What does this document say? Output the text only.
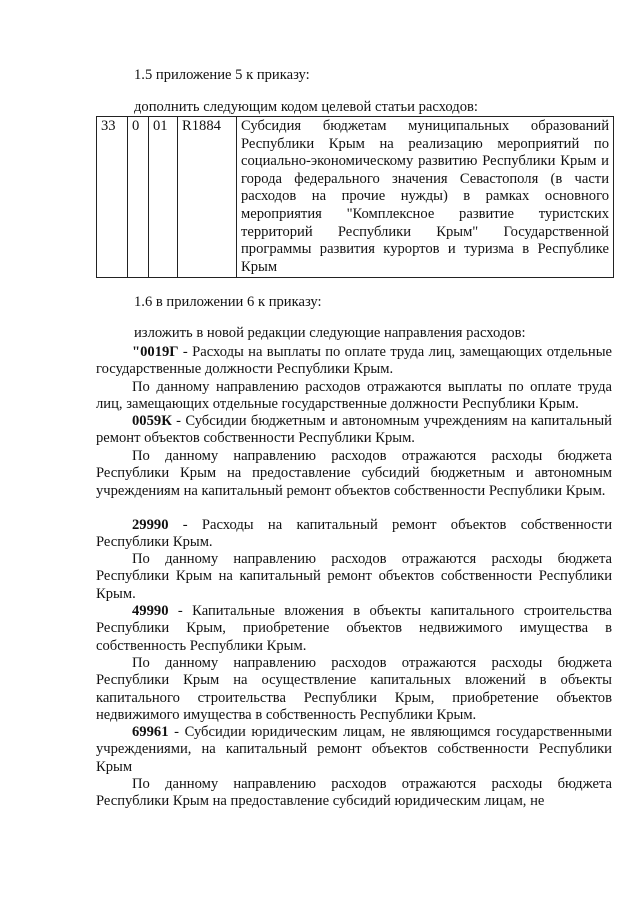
1.5 приложение 5 к приказу:
дополнить следующим кодом целевой статьи расходов:
33	0	01	R1884	Субсидия бюджетам муниципальных образований Республики Крым на реализацию мероприятий по социально-экономическому развитию Республики Крым и города федерального значения Севастополя (в части расходов на прочие нужды) в рамках основного мероприятия "Комплексное развитие туристских территорий Республики Крым" Государственной программы развития курортов и туризма в Республике Крым
1.6 в приложении 6 к приказу:
изложить в новой редакции следующие направления расходов:

"0019Г - Расходы на выплаты по оплате труда лиц, замещающих отдельные государственные должности Республики Крым.

По данному направлению расходов отражаются выплаты по оплате труда лиц, замещающих отдельные государственные должности Республики Крым.

0059К - Субсидии бюджетным и автономным учреждениям на капитальный ремонт объектов собственности Республики Крым.

По данному направлению расходов отражаются расходы бюджета Республики Крым на предоставление субсидий бюджетным и автономным учреждениям на капитальный ремонт объектов собственности Республики Крым.

29990 - Расходы на капитальный ремонт объектов собственности Республики Крым.

По данному направлению расходов отражаются расходы бюджета Республики Крым на капитальный ремонт объектов собственности Республики Крым.

49990 - Капитальные вложения в объекты капитального строительства Республики Крым, приобретение объектов недвижимого имущества в собственность Республики Крым.

По данному направлению расходов отражаются расходы бюджета Республики Крым на осуществление капитальных вложений в объекты капитального строительства Республики Крым, приобретение объектов недвижимого имущества в собственность Республики Крым.

69961 - Субсидии юридическим лицам, не являющимся государственными учреждениями, на капитальный ремонт объектов собственности Республики Крым

По данному направлению расходов отражаются расходы бюджета Республики Крым на предоставление субсидий юридическим лицам, не
